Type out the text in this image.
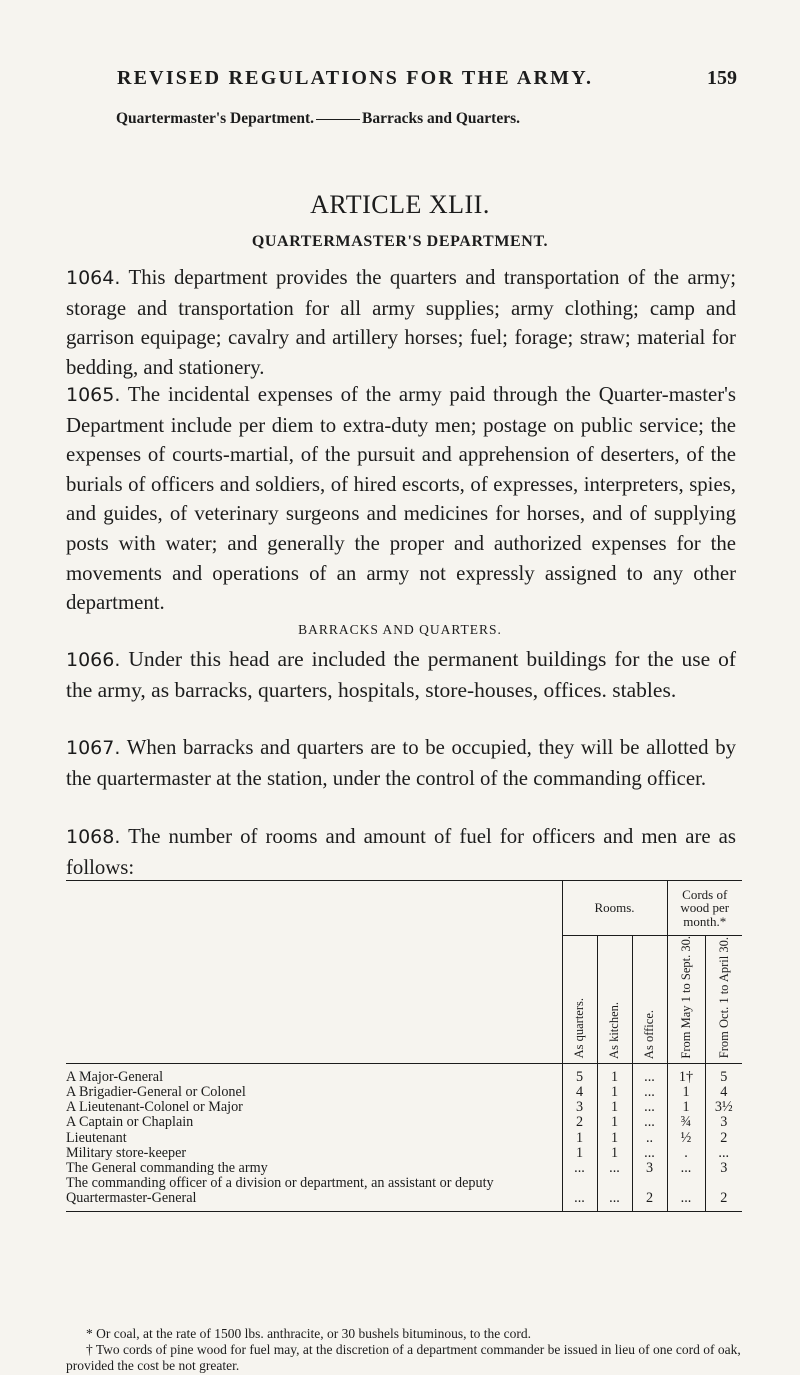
REVISED REGULATIONS FOR THE ARMY.	159
Quartermaster's Department.	Barracks and Quarters.
ARTICLE XLII.
QUARTERMASTER'S DEPARTMENT.
1064. This department provides the quarters and transportation of the army; storage and transportation for all army supplies; army clothing; camp and garrison equipage; cavalry and artillery horses; fuel; forage; straw; material for bedding, and stationery.
1065. The incidental expenses of the army paid through the Quarter-master's Department include per diem to extra-duty men; postage on public service; the expenses of courts-martial, of the pursuit and apprehension of deserters, of the burials of officers and soldiers, of hired escorts, of expresses, interpreters, spies, and guides, of veterinary surgeons and medicines for horses, and of supplying posts with water; and generally the proper and authorized expenses for the movements and operations of an army not expressly assigned to any other department.
BARRACKS AND QUARTERS.
1066. Under this head are included the permanent buildings for the use of the army, as barracks, quarters, hospitals, store-houses, offices. stables.
1067. When barracks and quarters are to be occupied, they will be allotted by the quartermaster at the station, under the control of the commanding officer.
1068. The number of rooms and amount of fuel for officers and men are as follows:
	Rooms.			Cords of wood per month.*	
	As quarters.	As kitchen.	As office.	From May 1 to Sept. 30.	From Oct. 1 to April 30.
A Major-General	5	1	...	1†	5
A Brigadier-General or Colonel	4	1	...	1	4
A Lieutenant-Colonel or Major	3	1	...	1	3½
A Captain or Chaplain	2	1	...	¾	3
Lieutenant	1	1	..	½	2
Military store-keeper	1	1	...	.	...
The General commanding the army	...	...	3	...	3
The commanding officer of a division or department, an assistant or deputy Quartermaster-General	...	...	2	...	2

* Or coal, at the rate of 1500 lbs. anthracite, or 30 bushels bituminous, to the cord.

† Two cords of pine wood for fuel may, at the discretion of a department commander be issued in lieu of one cord of oak, provided the cost be not greater.
